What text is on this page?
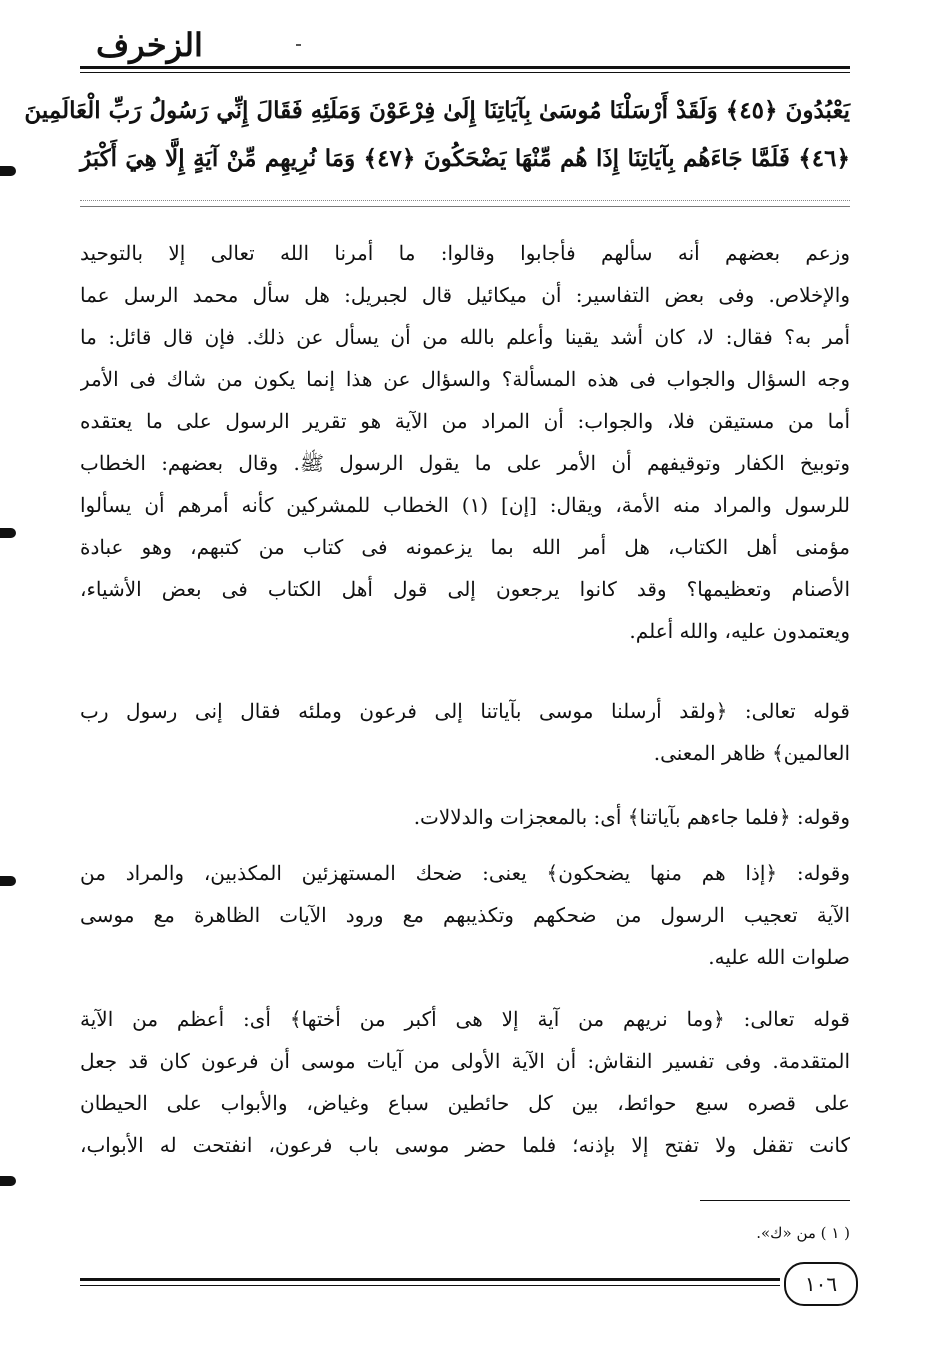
الزخرف
يَعْبُدُونَ ﴿٤٥﴾ وَلَقَدْ أَرْسَلْنَا مُوسَىٰ بِآيَاتِنَا إِلَىٰ فِرْعَوْنَ وَمَلَئِهِ فَقَالَ إِنِّي رَسُولُ رَبِّ الْعَالَمِينَ
﴿٤٦﴾ فَلَمَّا جَاءَهُم بِآيَاتِنَا إِذَا هُم مِّنْهَا يَضْحَكُونَ ﴿٤٧﴾ وَمَا نُرِيهِم مِّنْ آيَةٍ إِلَّا هِيَ أَكْبَرُ
وزعم بعضهم أنه سألهم فأجابوا وقالوا: ما أمرنا الله تعالى إلا بالتوحيد
والإخلاص. وفى بعض التفاسير: أن ميكائيل قال لجبريل: هل سأل محمد الرسل عما
أمر به؟ فقال: لا، كان أشد يقينا وأعلم بالله من أن يسأل عن ذلك. فإن قال قائل: ما
وجه السؤال والجواب فى هذه المسألة؟ والسؤال عن هذا إنما يكون من شاك فى الأمر
أما من مستيقن فلا، والجواب: أن المراد من الآية هو تقرير الرسول على ما يعتقده
وتوبيخ الكفار وتوقيفهم أن الأمر على ما يقول الرسول ﷺ. وقال بعضهم: الخطاب
للرسول والمراد منه الأمة، ويقال: [إن] (١) الخطاب للمشركين كأنه أمرهم أن يسألوا
مؤمنى أهل الكتاب، هل أمر الله بما يزعمونه فى كتاب من كتبهم، وهو عبادة
الأصنام وتعظيمها؟ وقد كانوا يرجعون إلى قول أهل الكتاب فى بعض الأشياء،
ويعتمدون عليه، والله أعلم.
قوله تعالى: ﴿ولقد أرسلنا موسى بآياتنا إلى فرعون وملئه فقال إنى رسول رب
العالمين﴾ ظاهر المعنى.
وقوله: ﴿فلما جاءهم بآياتنا﴾ أى: بالمعجزات والدلالات.
وقوله: ﴿إذا هم منها يضحكون﴾ يعنى: ضحك المستهزئين المكذبين، والمراد من
الآية تعجيب الرسول من ضحكهم وتكذيبهم مع ورود الآيات الظاهرة مع موسى
صلوات الله عليه.
قوله تعالى: ﴿وما نريهم من آية إلا هى أكبر من أختها﴾ أى: أعظم من الآية
المتقدمة. وفى تفسير النقاش: أن الآية الأولى من آيات موسى أن فرعون كان قد جعل
على قصره سبع حوائط، بين كل حائطين سباع وغياض، والأبواب على الحيطان
كانت تقفل ولا تفتح إلا بإذنه؛ فلما حضر موسى باب فرعون، انفتحت له الأبواب،
( ١ ) من «ك».
١٠٦
